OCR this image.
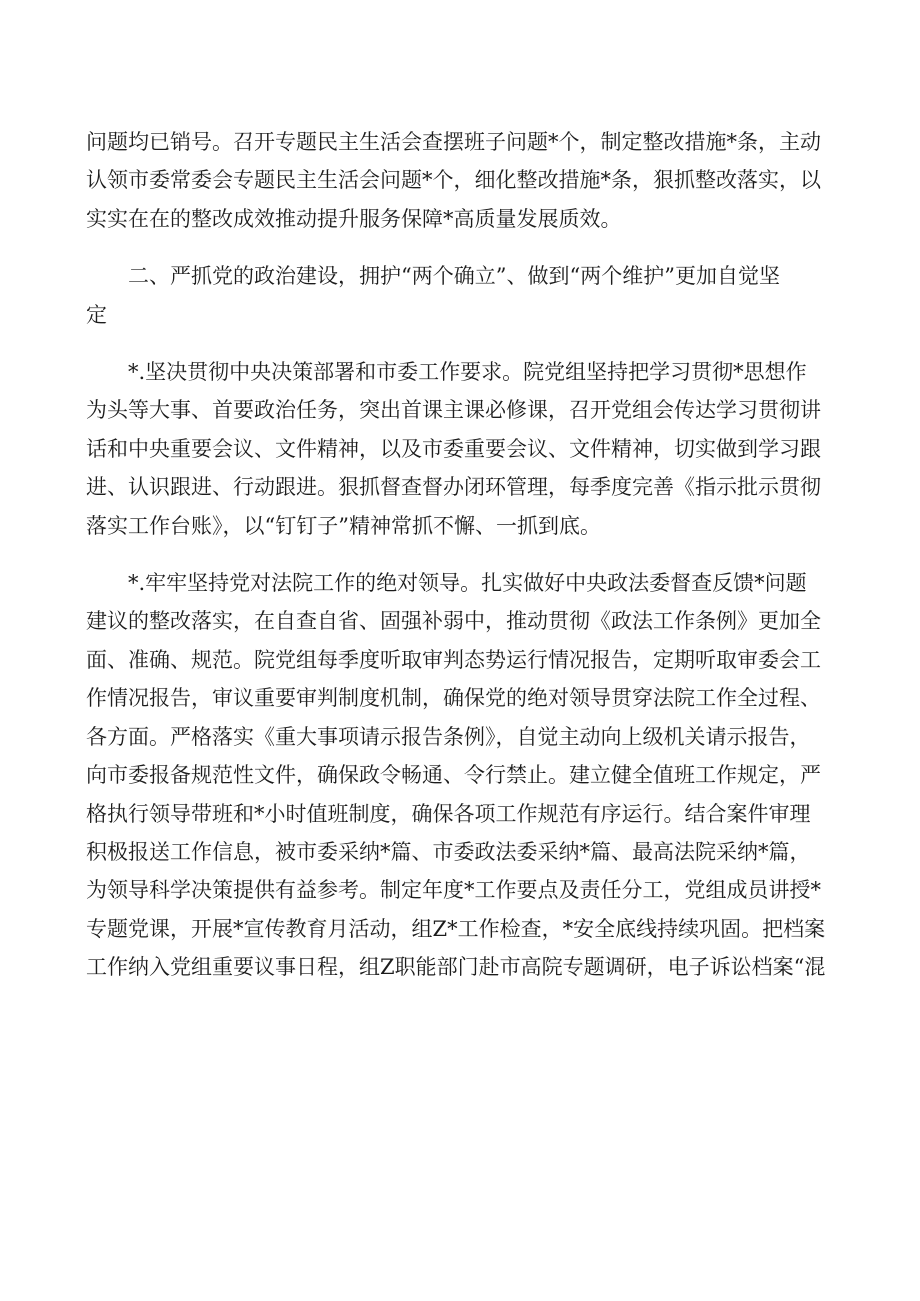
问题均已销号。召开专题民主生活会查摆班子问题*个，制定整改措施*条，主动
认领市委常委会专题民主生活会问题*个，细化整改措施*条，狠抓整改落实，以
实实在在的整改成效推动提升服务保障*高质量发展质效。

二、严抓党的政治建设，拥护“两个确立”、做到“两个维护”更加自觉坚
定

*.坚决贯彻中央决策部署和市委工作要求。院党组坚持把学习贯彻*思想作
为头等大事、首要政治任务，突出首课主课必修课，召开党组会传达学习贯彻讲
话和中央重要会议、文件精神，以及市委重要会议、文件精神，切实做到学习跟
进、认识跟进、行动跟进。狠抓督查督办闭环管理，每季度完善《指示批示贯彻
落实工作台账》，以“钉钉子”精神常抓不懈、一抓到底。

*.牢牢坚持党对法院工作的绝对领导。扎实做好中央政法委督查反馈*问题
建议的整改落实，在自查自省、固强补弱中，推动贯彻《政法工作条例》更加全
面、准确、规范。院党组每季度听取审判态势运行情况报告，定期听取审委会工
作情况报告，审议重要审判制度机制，确保党的绝对领导贯穿法院工作全过程、
各方面。严格落实《重大事项请示报告条例》，自觉主动向上级机关请示报告，
向市委报备规范性文件，确保政令畅通、令行禁止。建立健全值班工作规定，严
格执行领导带班和*小时值班制度，确保各项工作规范有序运行。结合案件审理
积极报送工作信息，被市委采纳*篇、市委政法委采纳*篇、最高法院采纳*篇，
为领导科学决策提供有益参考。制定年度*工作要点及责任分工，党组成员讲授*
专题党课，开展*宣传教育月活动，组Z*工作检查，*安全底线持续巩固。把档案
工作纳入党组重要议事日程，组Z职能部门赴市高院专题调研，电子诉讼档案“混
